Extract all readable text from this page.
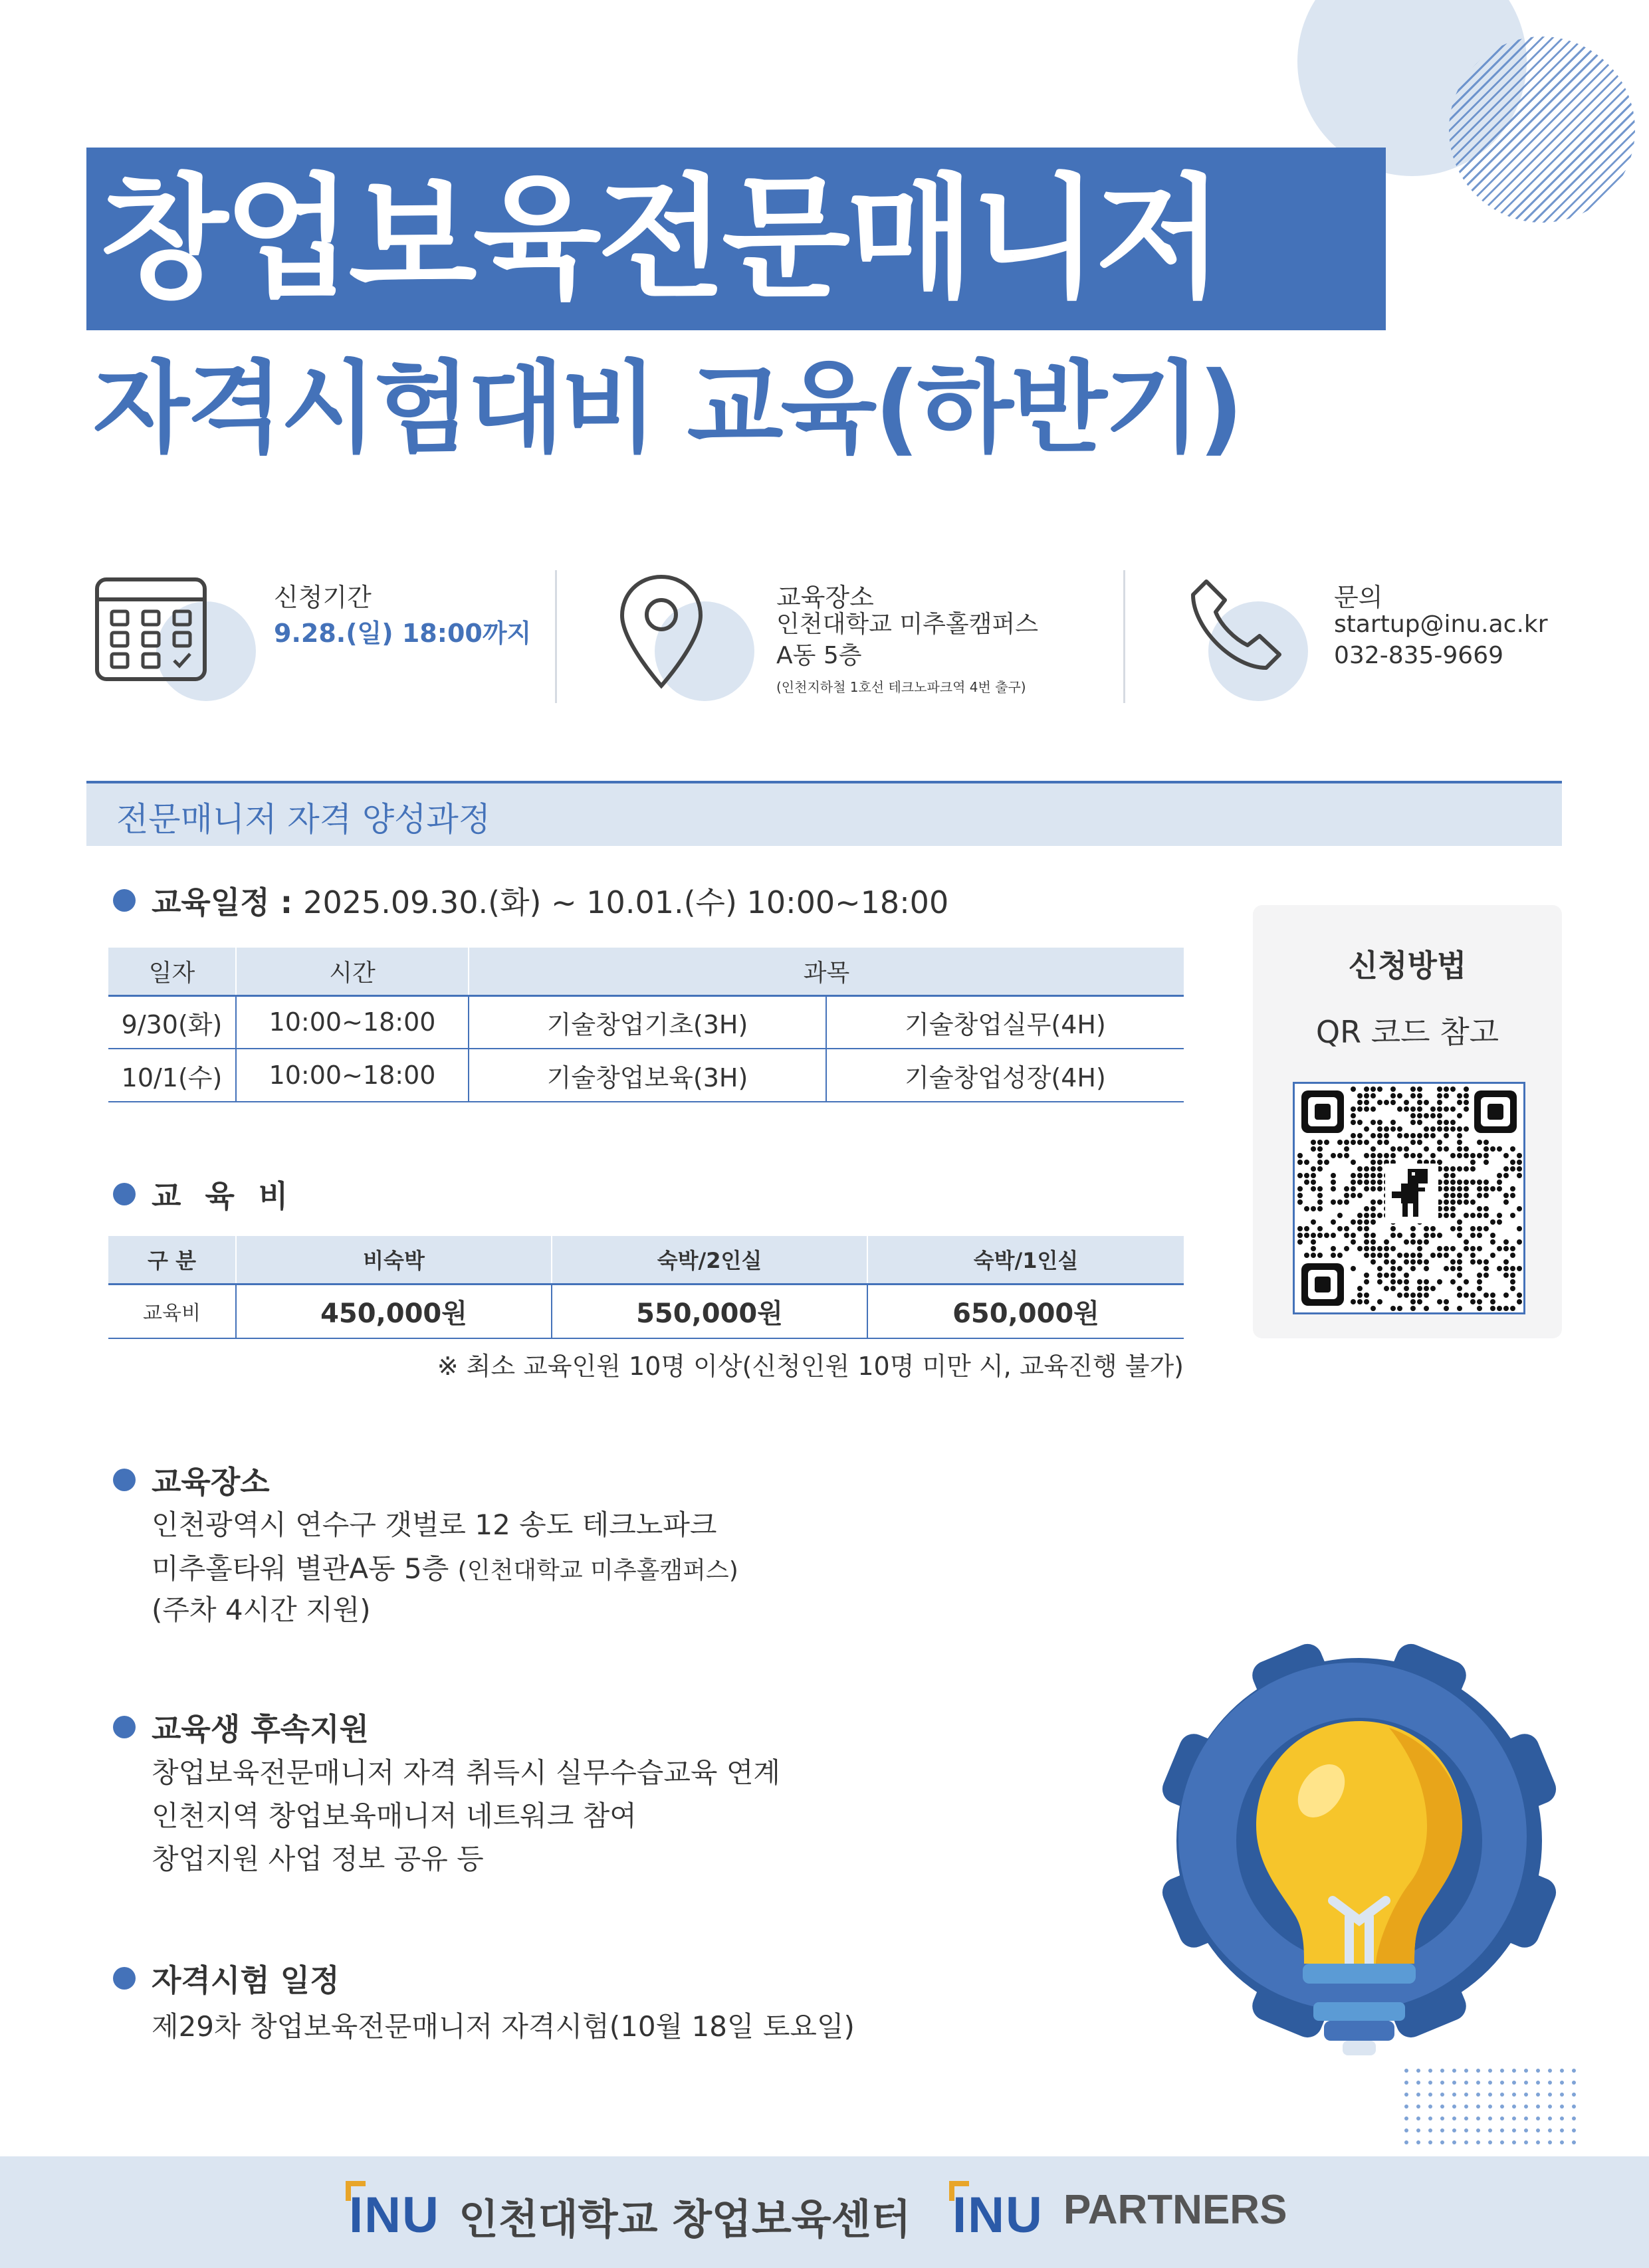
창업보육전문매니저
자격시험대비 교육(하반기)
신청기간
9.28.(일) 18:00까지
교육장소
인천대학교 미추홀캠퍼스
A동 5층
(인천지하철 1호선 테크노파크역 4번 출구)
문의
startup@inu.ac.kr
032-835-9669
전문매니저 자격 양성과정
교육일정 : 2025.09.30.(화) ~ 10.01.(수) 10:00~18:00
일자	시간	과목	
9/30(화)	10:00~18:00	기술창업기초(3H)	기술창업실무(4H)
10/1(수)	10:00~18:00	기술창업보육(3H)	기술창업성장(4H)
교 육 비
구 분	비숙박	숙박/2인실	숙박/1인실
교육비	450,000원	550,000원	650,000원
※ 최소 교육인원 10명 이상(신청인원 10명 미만 시, 교육진행 불가)
신청방법
QR 코드 참고
교육장소
인천광역시 연수구 갯벌로 12 송도 테크노파크
미추홀타워 별관A동 5층 (인천대학교 미추홀캠퍼스)
(주차 4시간 지원)
교육생 후속지원
창업보육전문매니저 자격 취득시 실무수습교육 연계
인천지역 창업보육매니저 네트워크 참여
창업지원 사업 정보 공유 등
자격시험 일정
제29차 창업보육전문매니저 자격시험(10월 18일 토요일)
INU 인천대학교 창업보육센터 INU PARTNERS
